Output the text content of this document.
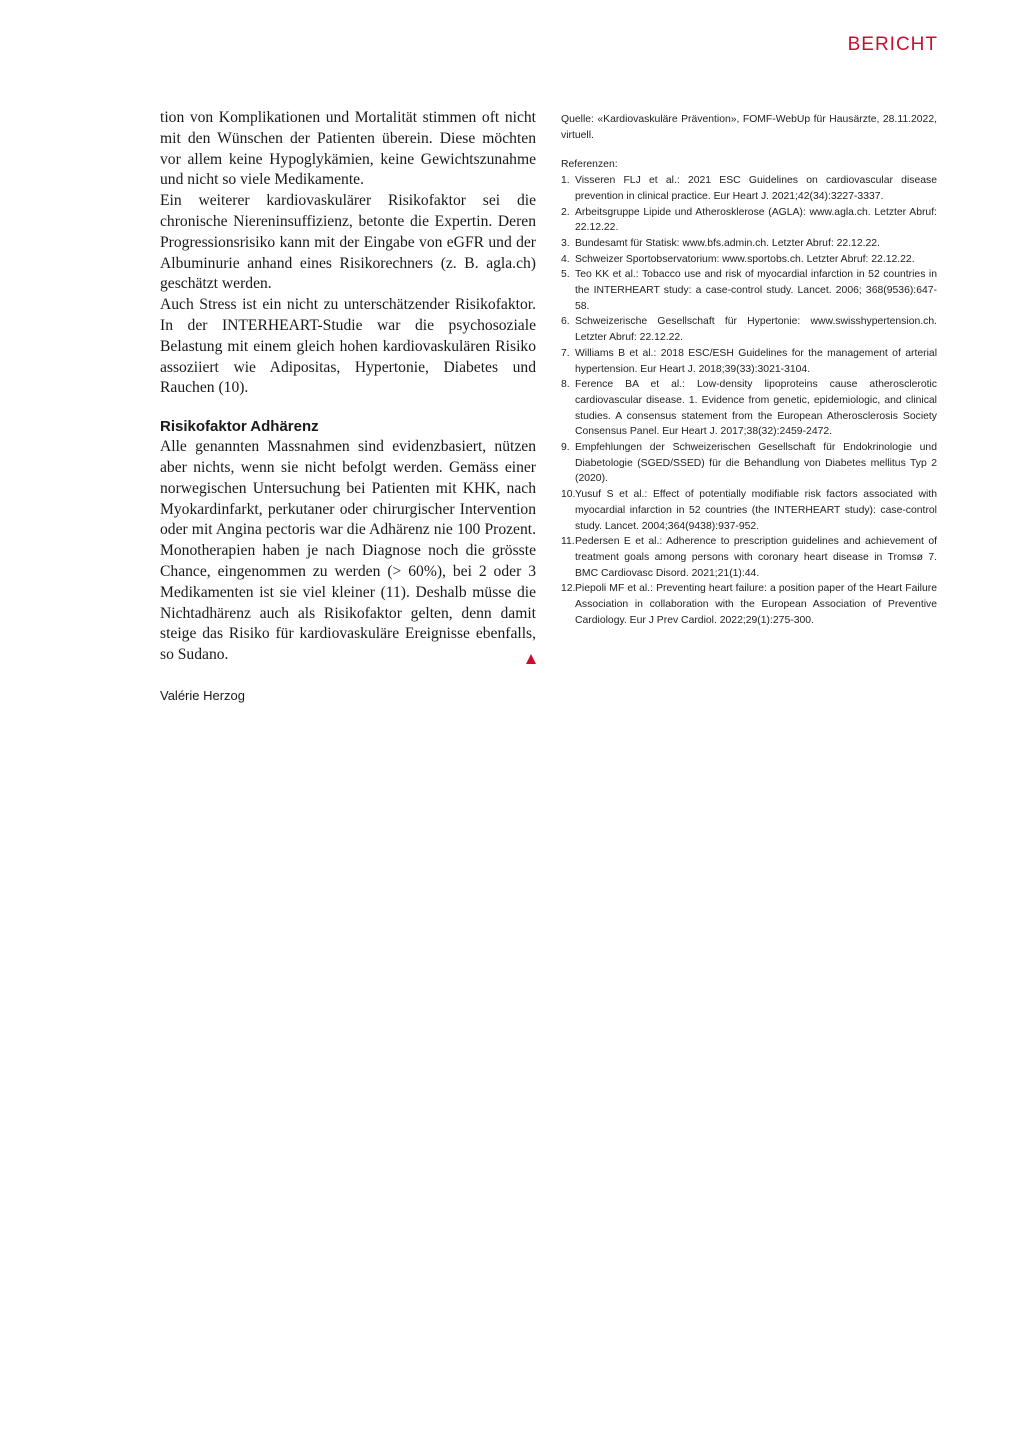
BERICHT

tion von Komplikationen und Mortalität stimmen oft nicht mit den Wünschen der Patienten überein. Diese möchten vor allem keine Hypoglykämien, keine Gewichtszunahme und nicht so viele Medikamente.

Ein weiterer kardiovaskulärer Risikofaktor sei die chronische Niereninsuffizienz, betonte die Expertin. Deren Progressionsrisiko kann mit der Eingabe von eGFR und der Albuminurie anhand eines Risikorechners (z. B. agla.ch) geschätzt werden.

Auch Stress ist ein nicht zu unterschätzender Risikofaktor. In der INTERHEART-Studie war die psychosoziale Belastung mit einem gleich hohen kardiovaskulären Risiko assoziiert wie Adipositas, Hypertonie, Diabetes und Rauchen (10).

Risikofaktor Adhärenz

Alle genannten Massnahmen sind evidenzbasiert, nützen aber nichts, wenn sie nicht befolgt werden. Gemäss einer norwegischen Untersuchung bei Patienten mit KHK, nach Myokardinfarkt, perkutaner oder chirurgischer Intervention oder mit Angina pectoris war die Adhärenz nie 100 Prozent. Monotherapien haben je nach Diagnose noch die grösste Chance, eingenommen zu werden (> 60%), bei 2 oder 3 Medikamenten ist sie viel kleiner (11). Deshalb müsse die Nichtadhärenz auch als Risikofaktor gelten, denn damit steige das Risiko für kardiovaskuläre Ereignisse ebenfalls, so Sudano.

Valérie Herzog

Quelle: «Kardiovaskuläre Prävention», FOMF-WebUp für Hausärzte, 28.11.2022, virtuell.

Referenzen:

1. Visseren FLJ et al.: 2021 ESC Guidelines on cardiovascular disease prevention in clinical practice. Eur Heart J. 2021;42(34):3227-3337.
2. Arbeitsgruppe Lipide und Atherosklerose (AGLA): www.agla.ch. Letzter Abruf: 22.12.22.
3. Bundesamt für Statisk: www.bfs.admin.ch. Letzter Abruf: 22.12.22.
4. Schweizer Sportobservatorium: www.sportobs.ch. Letzter Abruf: 22.12.22.
5. Teo KK et al.: Tobacco use and risk of myocardial infarction in 52 countries in the INTERHEART study: a case-control study. Lancet. 2006; 368(9536):647-58.
6. Schweizerische Gesellschaft für Hypertonie: www.swisshypertension.ch. Letzter Abruf: 22.12.22.
7. Williams B et al.: 2018 ESC/ESH Guidelines for the management of arterial hypertension. Eur Heart J. 2018;39(33):3021-3104.
8. Ference BA et al.: Low-density lipoproteins cause atherosclerotic cardiovascular disease. 1. Evidence from genetic, epidemiologic, and clinical studies. A consensus statement from the European Atherosclerosis Society Consensus Panel. Eur Heart J. 2017;38(32):2459-2472.
9. Empfehlungen der Schweizerischen Gesellschaft für Endokrinologie und Diabetologie (SGED/SSED) für die Behandlung von Diabetes mellitus Typ 2 (2020).
10. Yusuf S et al.: Effect of potentially modifiable risk factors associated with myocardial infarction in 52 countries (the INTERHEART study): case-control study. Lancet. 2004;364(9438):937-952.
11. Pedersen E et al.: Adherence to prescription guidelines and achievement of treatment goals among persons with coronary heart disease in Tromsø 7. BMC Cardiovasc Disord. 2021;21(1):44.
12. Piepoli MF et al.: Preventing heart failure: a position paper of the Heart Failure Association in collaboration with the European Association of Preventive Cardiology. Eur J Prev Cardiol. 2022;29(1):275-300.
